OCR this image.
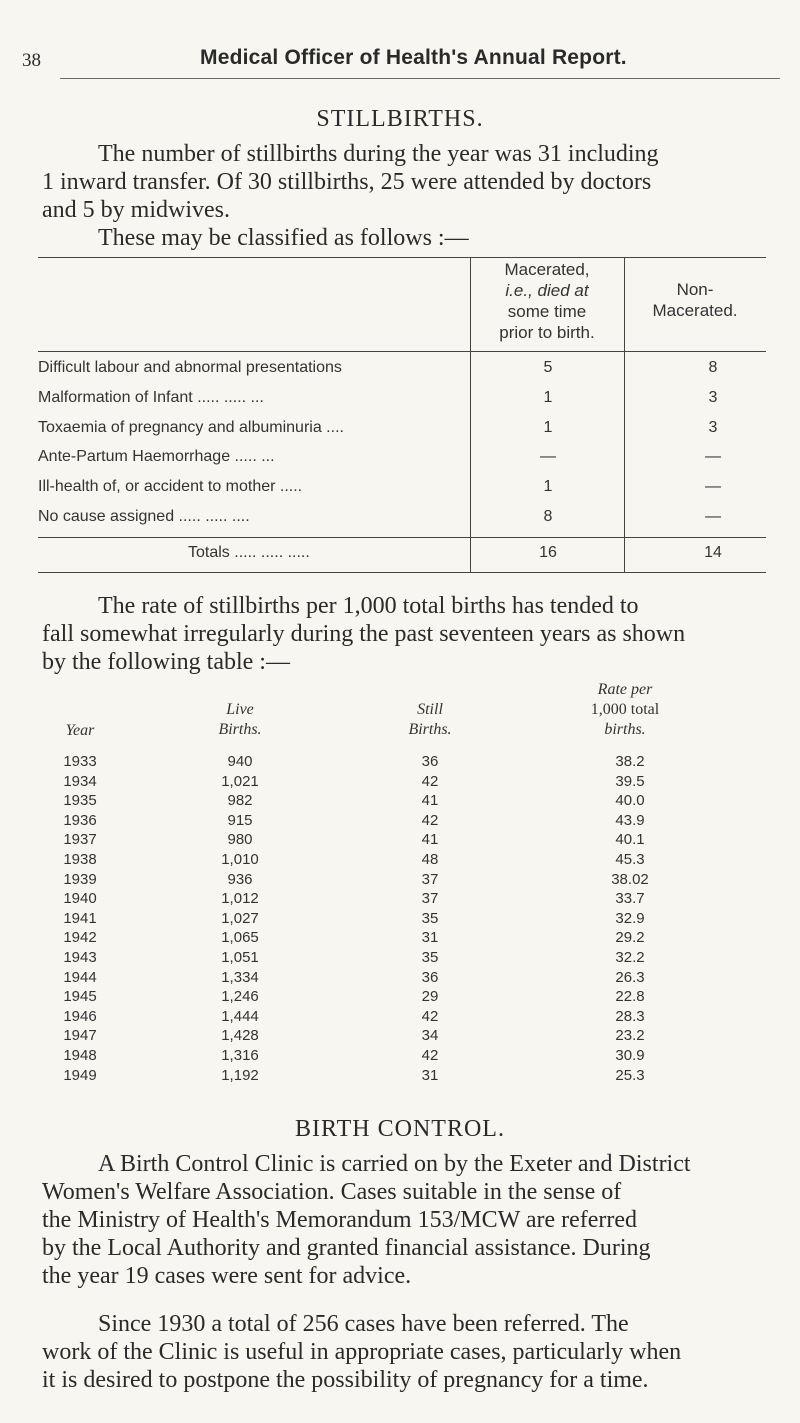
38	Medical Officer of Health's Annual Report.
STILLBIRTHS.
The number of stillbirths during the year was 31 including
1 inward transfer. Of 30 stillbirths, 25 were attended by doctors
and 5 by midwives.
These may be classified as follows :—
Macerated,
i.e., died at
some time
prior to birth.
Non-
Macerated.
Difficult labour and abnormal presentations	5	8
Malformation of Infant ..... ..... ...	1	3
Toxaemia of pregnancy and albuminuria ....	1	3
Ante-Partum Haemorrhage ..... ...	—	—
Ill-health of, or accident to mother .....	1	—
No cause assigned ..... ..... ....	8	—
Totals ..... ..... .....	16	14
The rate of stillbirths per 1,000 total births has tended to
fall somewhat irregularly during the past seventeen years as shown
by the following table :—
Year
Live
Births.
Still
Births.
Rate per
1,000 total
births.
1933	940	36	38.2
1934	1,021	42	39.5
1935	982	41	40.0
1936	915	42	43.9
1937	980	41	40.1
1938	1,010	48	45.3
1939	936	37	38.02
1940	1,012	37	33.7
1941	1,027	35	32.9
1942	1,065	31	29.2
1943	1,051	35	32.2
1944	1,334	36	26.3
1945	1,246	29	22.8
1946	1,444	42	28.3
1947	1,428	34	23.2
1948	1,316	42	30.9
1949	1,192	31	25.3
BIRTH CONTROL.
A Birth Control Clinic is carried on by the Exeter and District
Women's Welfare Association. Cases suitable in the sense of
the Ministry of Health's Memorandum 153/MCW are referred
by the Local Authority and granted financial assistance. During
the year 19 cases were sent for advice.
Since 1930 a total of 256 cases have been referred. The
work of the Clinic is useful in appropriate cases, particularly when
it is desired to postpone the possibility of pregnancy for a time.
